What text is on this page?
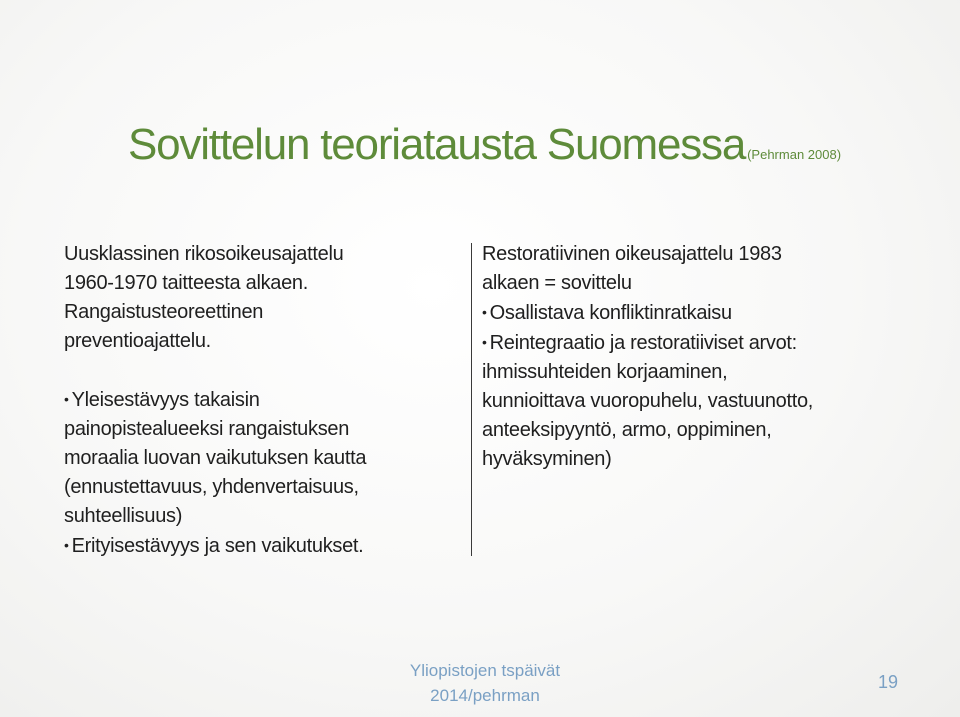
Sovittelun teoriatausta Suomessa (Pehrman 2008)
Uusklassinen rikosoikeusajattelu
1960-1970 taitteesta alkaen.
Rangaistusteoreettinen
preventioajattelu.
• Yleisestävyys takaisin
painopistealueeksi rangaistuksen
moraalia luovan vaikutuksen kautta
(ennustettavuus, yhdenvertaisuus,
suhteellisuus)
• Erityisestävyys ja sen vaikutukset.
Restoratiivinen oikeusajattelu 1983
alkaen = sovittelu
• Osallistava konfliktinratkaisu
• Reintegraatio ja restoratiiviset arvot:
ihmissuhteiden korjaaminen,
kunnioittava vuoropuhelu, vastuunotto,
anteeksipyyntö, armo, oppiminen,
hyväksyminen)
Yliopistojen tspäivät
2014/pehrman
19
